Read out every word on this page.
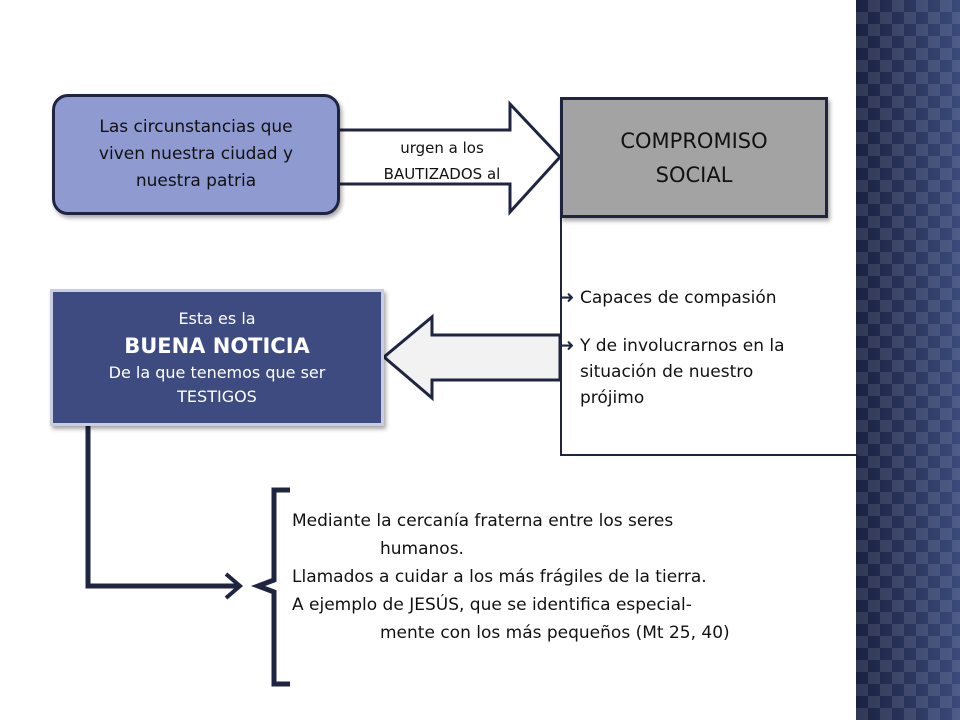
Las circunstancias que
viven nuestra ciudad y
nuestra patria
urgen a los
BAUTIZADOS al
COMPROMISO
SOCIAL
➜ Capaces de compasión
➜ Y de involucrarnos en la
situación de nuestro
prójimo
Esta es la
BUENA NOTICIA
De la que tenemos que ser
TESTIGOS
Mediante la cercanía fraterna entre los seres
humanos.
Llamados a cuidar a los más frágiles de la tierra.
A ejemplo de JESÚS, que se identifica especial-
mente con los más pequeños (Mt 25, 40)
